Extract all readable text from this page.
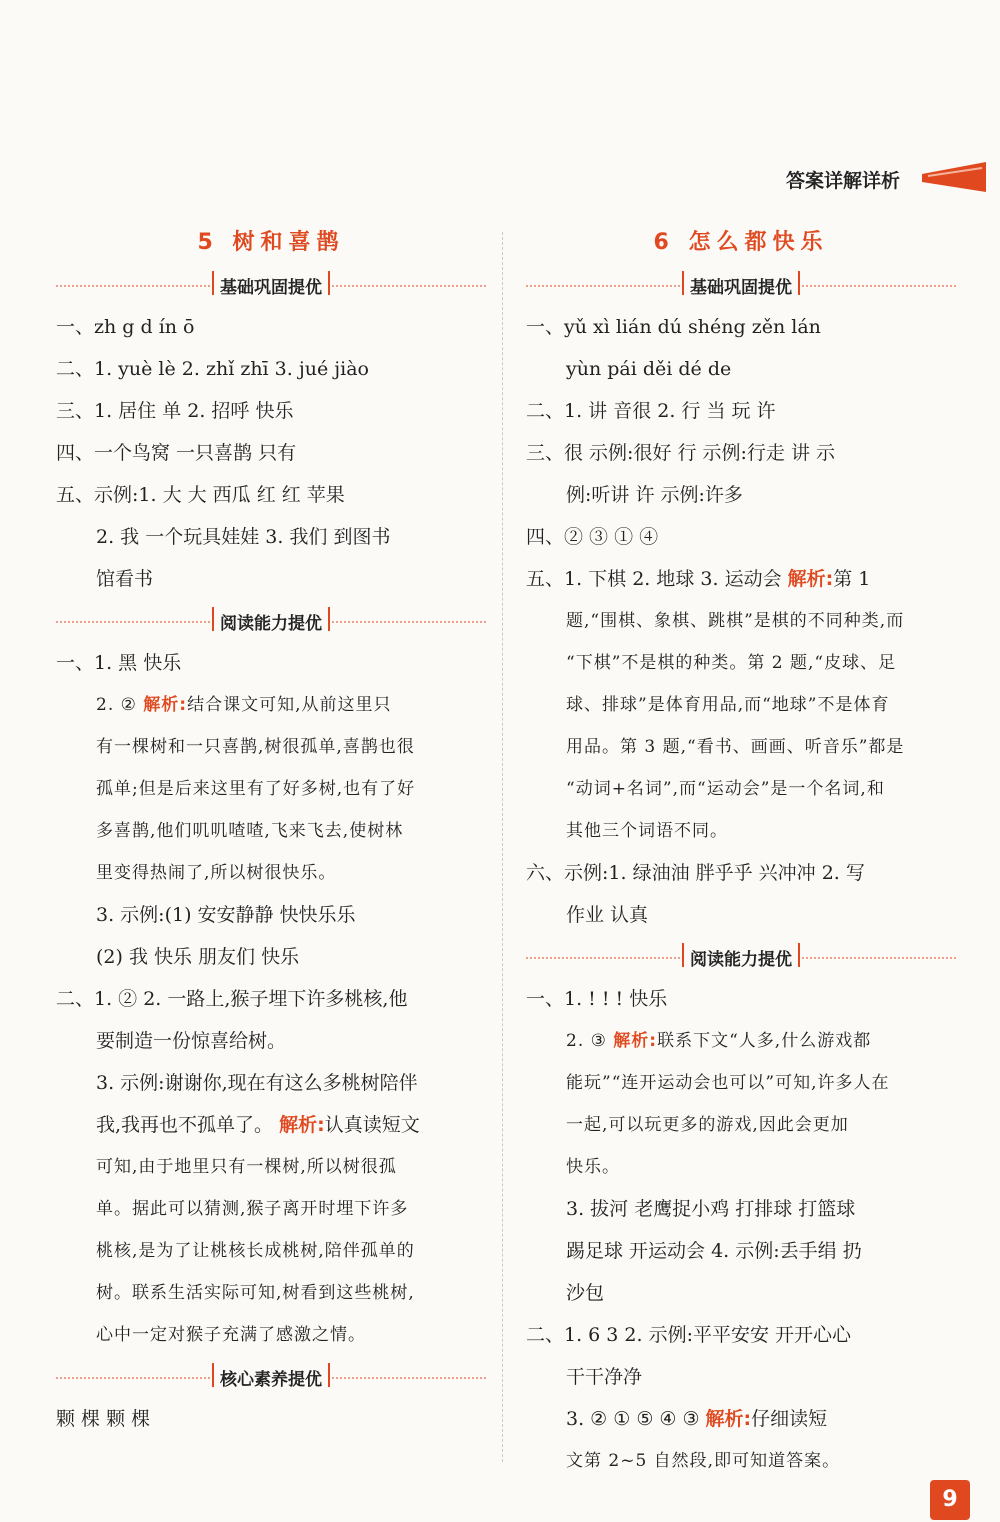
答案详解详析
5 树和喜鹊
基础巩固提优
一、zh g d ín ō
二、1. yuè lè 2. zhǐ zhī 3. jué jiào
三、1. 居住 单 2. 招呼 快乐
四、一个鸟窝 一只喜鹊 只有
五、示例:1. 大 大 西瓜 红 红 苹果
2. 我 一个玩具娃娃 3. 我们 到图书
馆看书
阅读能力提优
一、1. 黑 快乐
2. ② 解析:结合课文可知,从前这里只
有一棵树和一只喜鹊,树很孤单,喜鹊也很
孤单;但是后来这里有了好多树,也有了好
多喜鹊,他们叽叽喳喳,飞来飞去,使树林
里变得热闹了,所以树很快乐。
3. 示例:(1) 安安静静 快快乐乐
(2) 我 快乐 朋友们 快乐
二、1. ② 2. 一路上,猴子埋下许多桃核,他
要制造一份惊喜给树。
3. 示例:谢谢你,现在有这么多桃树陪伴
我,我再也不孤单了。 解析:认真读短文
可知,由于地里只有一棵树,所以树很孤
单。据此可以猜测,猴子离开时埋下许多
桃核,是为了让桃核长成桃树,陪伴孤单的
树。联系生活实际可知,树看到这些桃树,
心中一定对猴子充满了感激之情。
核心素养提优
颗 棵 颗 棵
6 怎么都快乐
基础巩固提优
一、yǔ xì lián dú shéng zěn lán
yùn pái děi dé de
二、1. 讲 音很 2. 行 当 玩 许
三、很 示例:很好 行 示例:行走 讲 示
例:听讲 许 示例:许多
四、② ③ ① ④
五、1. 下棋 2. 地球 3. 运动会 解析:第 1
题,“围棋、象棋、跳棋”是棋的不同种类,而
“下棋”不是棋的种类。第 2 题,“皮球、足
球、排球”是体育用品,而“地球”不是体育
用品。第 3 题,“看书、画画、听音乐”都是
“动词+名词”,而“运动会”是一个名词,和
其他三个词语不同。
六、示例:1. 绿油油 胖乎乎 兴冲冲 2. 写
作业 认真
阅读能力提优
一、1. ! ! ! 快乐
2. ③ 解析:联系下文“人多,什么游戏都
能玩”“连开运动会也可以”可知,许多人在
一起,可以玩更多的游戏,因此会更加
快乐。
3. 拔河 老鹰捉小鸡 打排球 打篮球
踢足球 开运动会 4. 示例:丢手绢 扔
沙包
二、1. 6 3 2. 示例:平平安安 开开心心
干干净净
3. ② ① ⑤ ④ ③ 解析:仔细读短
文第 2~5 自然段,即可知道答案。
9
